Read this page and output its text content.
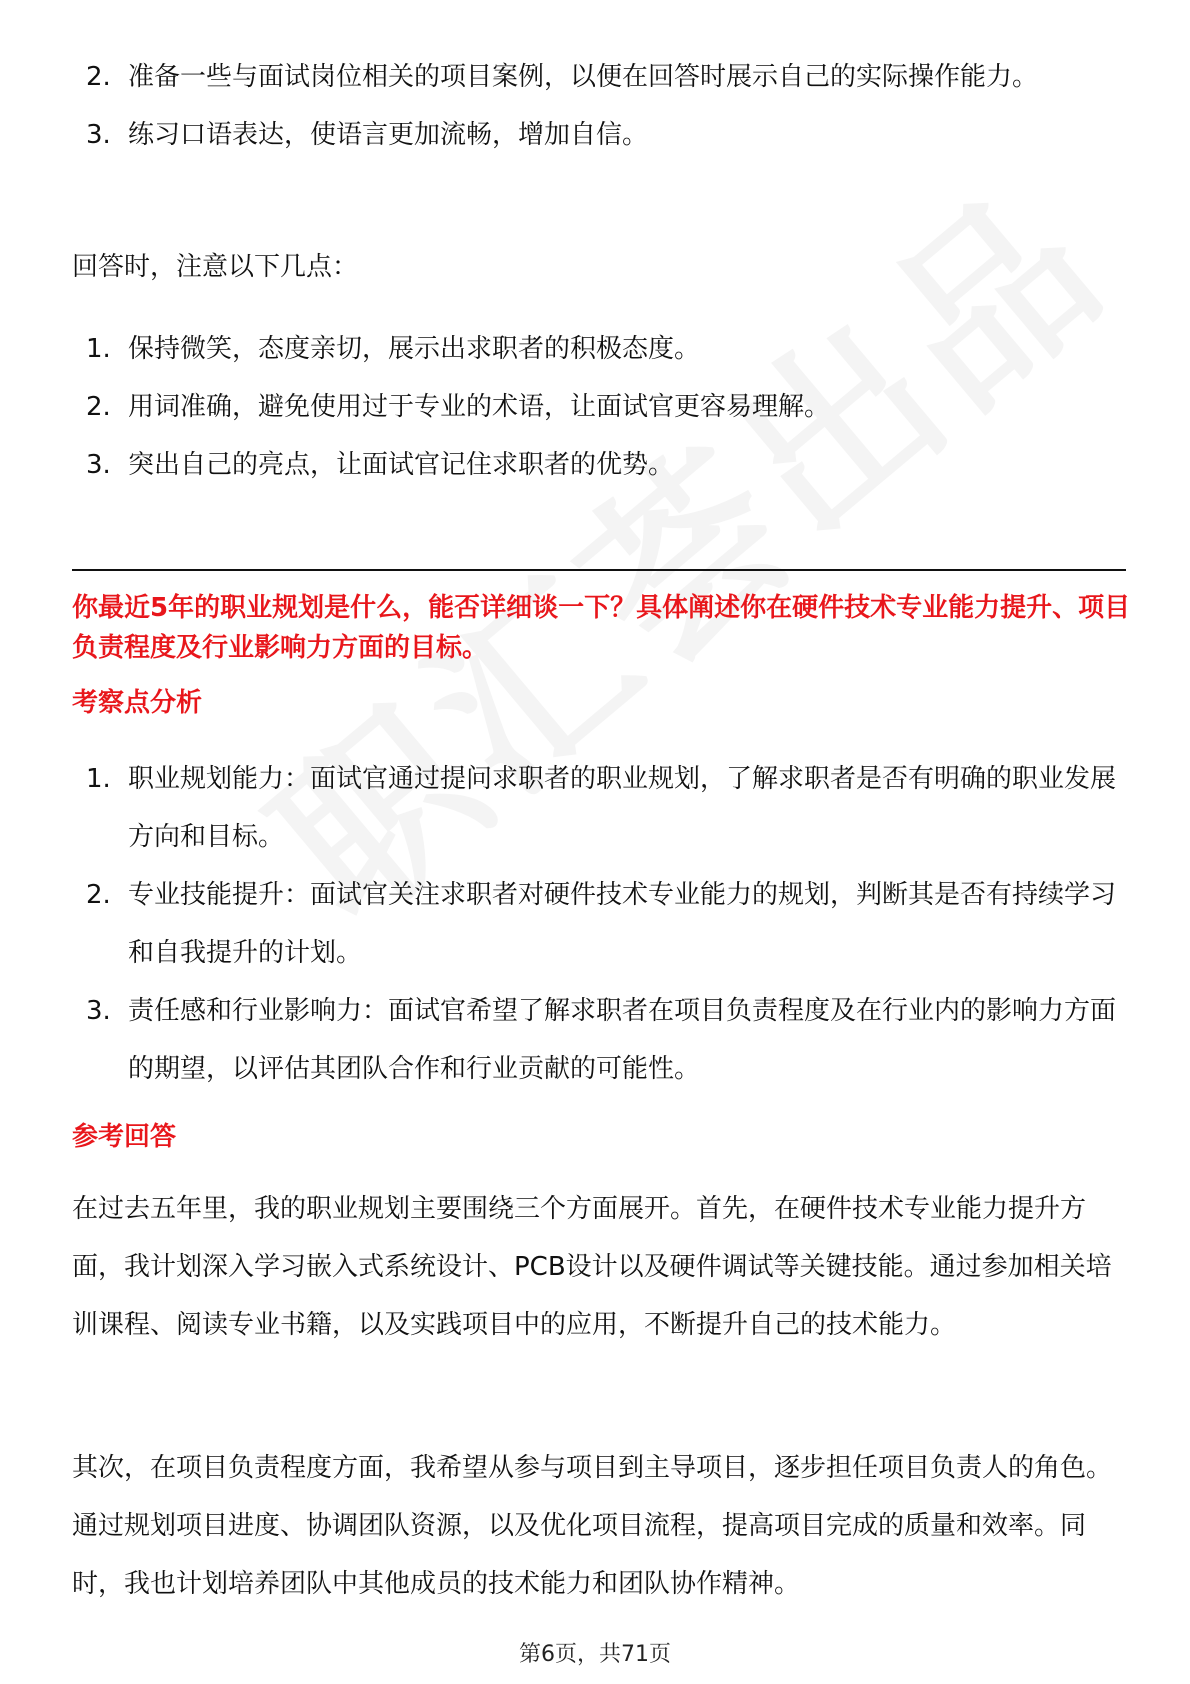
2. 准备一些与面试岗位相关的项目案例，以便在回答时展示自己的实际操作能力。
3. 练习口语表达，使语言更加流畅，增加自信。

回答时，注意以下几点：

1. 保持微笑，态度亲切，展示出求职者的积极态度。
2. 用词准确，避免使用过于专业的术语，让面试官更容易理解。
3. 突出自己的亮点，让面试官记住求职者的优势。
你最近5年的职业规划是什么，能否详细谈一下？具体阐述你在硬件技术专业能力提升、项目负责程度及行业影响力方面的目标。
考察点分析
1. 职业规划能力：面试官通过提问求职者的职业规划，了解求职者是否有明确的职业发展方向和目标。
2. 专业技能提升：面试官关注求职者对硬件技术专业能力的规划，判断其是否有持续学习和自我提升的计划。
3. 责任感和行业影响力：面试官希望了解求职者在项目负责程度及在行业内的影响力方面的期望，以评估其团队合作和行业贡献的可能性。
参考回答

在过去五年里，我的职业规划主要围绕三个方面展开。首先，在硬件技术专业能力提升方面，我计划深入学习嵌入式系统设计、PCB设计以及硬件调试等关键技能。通过参加相关培训课程、阅读专业书籍，以及实践项目中的应用，不断提升自己的技术能力。

其次，在项目负责程度方面，我希望从参与项目到主导项目，逐步担任项目负责人的角色。通过规划项目进度、协调团队资源，以及优化项目流程，提高项目完成的质量和效率。同时，我也计划培养团队中其他成员的技术能力和团队协作精神。

第6页，共71页
